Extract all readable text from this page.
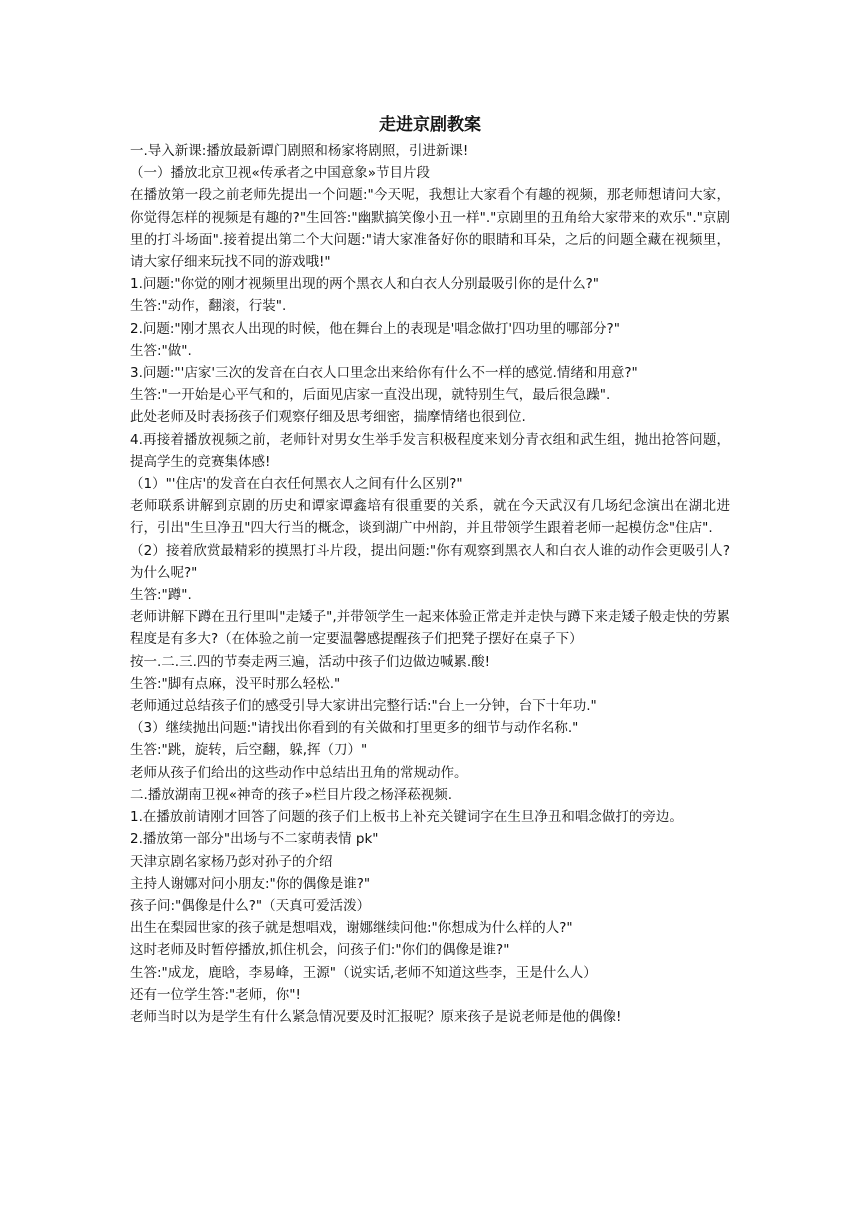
走进京剧教案

一.导入新课:播放最新谭门剧照和杨家将剧照，引进新课!

（一）播放北京卫视«传承者之中国意象»节目片段

在播放第一段之前老师先提出一个问题:"今天呢，我想让大家看个有趣的视频，那老师想请问大家，你觉得怎样的视频是有趣的?"生回答:"幽默搞笑像小丑一样"."京剧里的丑角给大家带来的欢乐"."京剧里的打斗场面".接着提出第二个大问题:"请大家准备好你的眼睛和耳朵，之后的问题全藏在视频里，请大家仔细来玩找不同的游戏哦!"

1.问题:"你觉的刚才视频里出现的两个黑衣人和白衣人分别最吸引你的是什么?"

生答:"动作，翻滚，行装".

2.问题:"刚才黑衣人出现的时候，他在舞台上的表现是'唱念做打'四功里的哪部分?"

生答:"做".

3.问题:"'店家'三次的发音在白衣人口里念出来给你有什么不一样的感觉.情绪和用意?"

生答:"一开始是心平气和的，后面见店家一直没出现，就特别生气，最后很急躁".

此处老师及时表扬孩子们观察仔细及思考细密，揣摩情绪也很到位.

4.再接着播放视频之前，老师针对男女生举手发言积极程度来划分青衣组和武生组，抛出抢答问题，提高学生的竞赛集体感!

（1）"'住店'的发音在白衣任何黑衣人之间有什么区别?"

老师联系讲解到京剧的历史和谭家谭鑫培有很重要的关系，就在今天武汉有几场纪念演出在湖北进行，引出"生旦净丑"四大行当的概念，谈到湖广中州韵，并且带领学生跟着老师一起模仿念"住店".

（2）接着欣赏最精彩的摸黑打斗片段，提出问题:"你有观察到黑衣人和白衣人谁的动作会更吸引人?为什么呢?"

生答:"蹲".

老师讲解下蹲在丑行里叫"走矮子",并带领学生一起来体验正常走并走快与蹲下来走矮子般走快的劳累程度是有多大?（在体验之前一定要温馨感提醒孩子们把凳子摆好在桌子下）

按一.二.三.四的节奏走两三遍，活动中孩子们边做边喊累.酸!

生答:"脚有点麻，没平时那么轻松."

老师通过总结孩子们的感受引导大家讲出完整行话:"台上一分钟，台下十年功."

（3）继续抛出问题:"请找出你看到的有关做和打里更多的细节与动作名称."

生答:"跳，旋转，后空翻，躲,挥（刀）"

老师从孩子们给出的这些动作中总结出丑角的常规动作。

二.播放湖南卫视«神奇的孩子»栏目片段之杨泽菘视频.

1.在播放前请刚才回答了问题的孩子们上板书上补充关键词字在生旦净丑和唱念做打的旁边。

2.播放第一部分"出场与不二家萌表情 pk"

天津京剧名家杨乃彭对孙子的介绍

主持人谢娜对问小朋友:"你的偶像是谁?"

孩子问:"偶像是什么?"（天真可爱活泼）

出生在梨园世家的孩子就是想唱戏，谢娜继续问他:"你想成为什么样的人?"

这时老师及时暂停播放,抓住机会，问孩子们:"你们的偶像是谁?"

生答:"成龙，鹿晗，李易峰，王源"（说实话,老师不知道这些李，王是什么人）

还有一位学生答:"老师，你"!

老师当时以为是学生有什么紧急情况要及时汇报呢？原来孩子是说老师是他的偶像!
